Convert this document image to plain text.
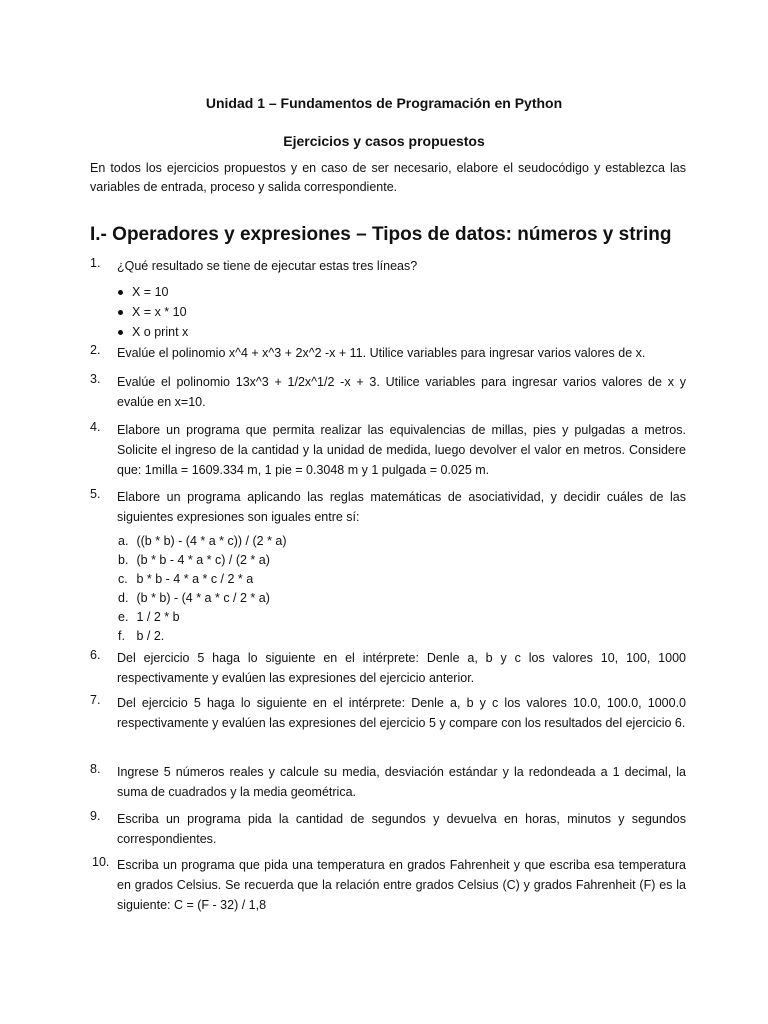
Unidad 1 – Fundamentos de Programación en Python
Ejercicios y casos propuestos
En todos los ejercicios propuestos y en caso de ser necesario, elabore el seudocódigo y establezca las variables de entrada, proceso y salida correspondiente.
I.- Operadores y expresiones – Tipos de datos: números y string
1.	¿Qué resultado se tiene de ejecutar estas tres líneas?
X = 10
X = x * 10
X o print x
2.	Evalúe el polinomio x^4 + x^3 + 2x^2 -x + 11. Utilice variables para ingresar varios valores de x.
3.	Evalúe el polinomio 13x^3 + 1/2x^1/2 -x + 3. Utilice variables para ingresar varios valores de x y evalúe en x=10.
4.	Elabore un programa que permita realizar las equivalencias de millas, pies y pulgadas a metros. Solicite el ingreso de la cantidad y la unidad de medida, luego devolver el valor en metros. Considere que: 1milla = 1609.334 m, 1 pie = 0.3048 m y 1 pulgada = 0.025 m.
5.	Elabore un programa aplicando las reglas matemáticas de asociatividad, y decidir cuáles de las siguientes expresiones son iguales entre sí:
a. ((b * b) - (4 * a * c)) / (2 * a)
b. (b * b - 4 * a * c) / (2 * a)
c. b * b - 4 * a * c / 2 * a
d. (b * b) - (4 * a * c / 2 * a)
e. 1 / 2 * b
f. b / 2.
6.	Del ejercicio 5 haga lo siguiente en el intérprete: Denle a, b y c los valores 10, 100, 1000 respectivamente y evalúen las expresiones del ejercicio anterior.
7.	Del ejercicio 5 haga lo siguiente en el intérprete: Denle a, b y c los valores 10.0, 100.0, 1000.0 respectivamente y evalúen las expresiones del ejercicio 5 y compare con los resultados del ejercicio 6.
8.	Ingrese 5 números reales y calcule su media, desviación estándar y la redondeada a 1 decimal, la suma de cuadrados y la media geométrica.
9.	Escriba un programa pida la cantidad de segundos y devuelva en horas, minutos y segundos correspondientes.
10. Escriba un programa que pida una temperatura en grados Fahrenheit y que escriba esa temperatura en grados Celsius. Se recuerda que la relación entre grados Celsius (C) y grados Fahrenheit (F) es la siguiente: C = (F - 32) / 1,8
